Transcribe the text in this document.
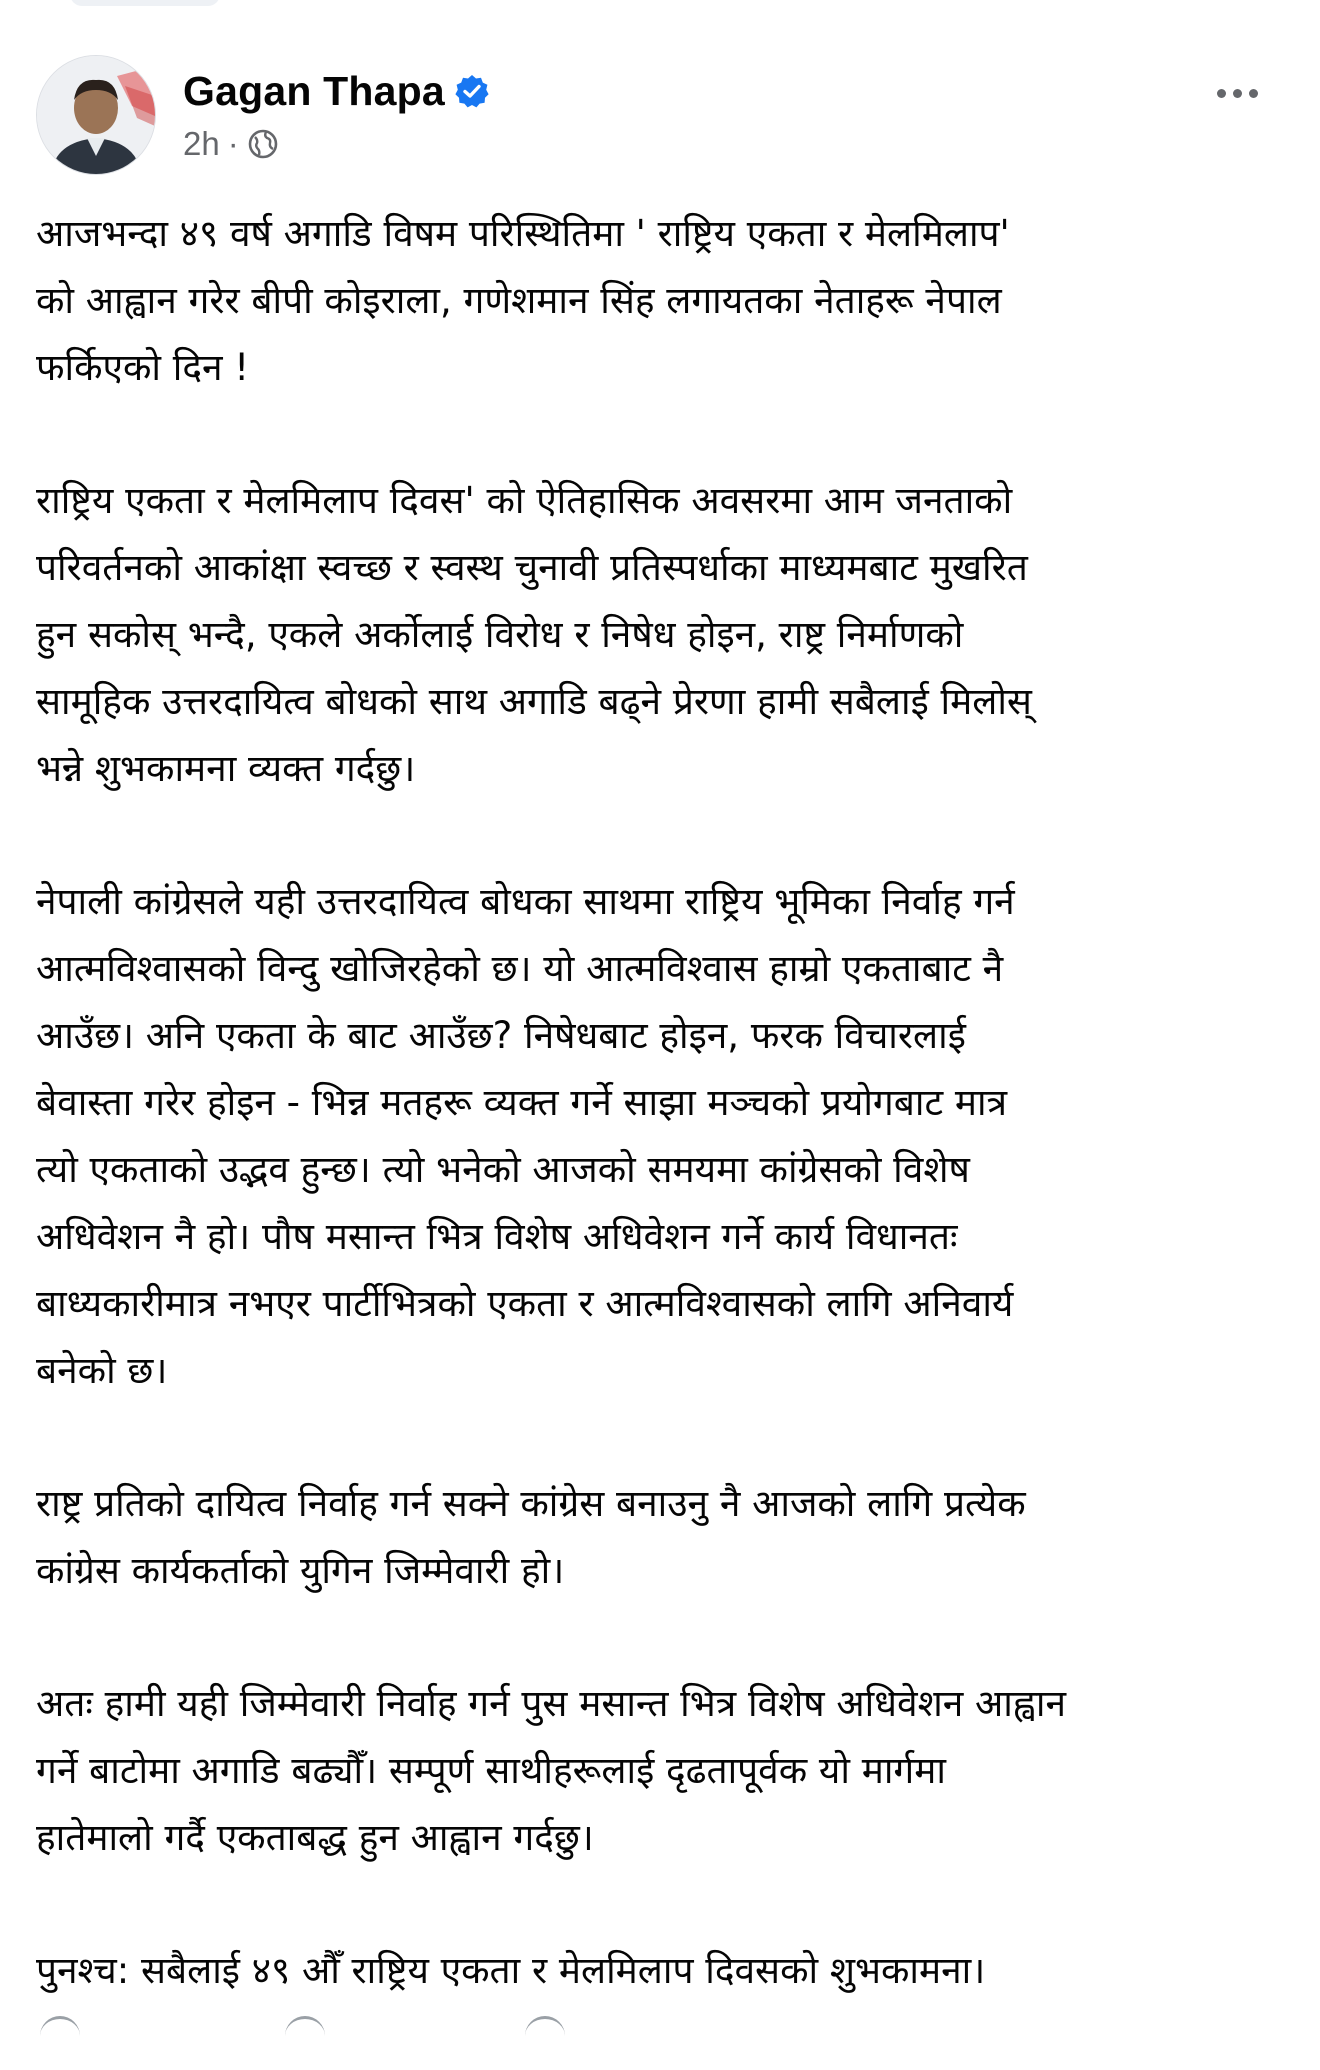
Gagan Thapa
2h ·

आजभन्दा ४९ वर्ष अगाडि विषम परिस्थितिमा ' राष्ट्रिय एकता र मेलमिलाप'
को आह्वान गरेर बीपी कोइराला, गणेशमान सिंह लगायतका नेताहरू नेपाल
फर्किएको दिन !

राष्ट्रिय एकता र मेलमिलाप दिवस' को ऐतिहासिक अवसरमा आम जनताको
परिवर्तनको आकांक्षा स्वच्छ र स्वस्थ चुनावी प्रतिस्पर्धाका माध्यमबाट मुखरित
हुन सकोस् भन्दै, एकले अर्कोलाई विरोध र निषेध होइन, राष्ट्र निर्माणको
सामूहिक उत्तरदायित्व बोधको साथ अगाडि बढ्ने प्रेरणा हामी सबैलाई मिलोस्
भन्ने शुभकामना व्यक्त गर्दछु।

नेपाली कांग्रेसले यही उत्तरदायित्व बोधका साथमा राष्ट्रिय भूमिका निर्वाह गर्न
आत्मविश्वासको विन्दु खोजिरहेको छ। यो आत्मविश्वास हाम्रो एकताबाट नै
आउँछ। अनि एकता के बाट आउँछ? निषेधबाट होइन, फरक विचारलाई
बेवास्ता गरेर होइन - भिन्न मतहरू व्यक्त गर्ने साझा मञ्चको प्रयोगबाट मात्र
त्यो एकताको उद्भव हुन्छ। त्यो भनेको आजको समयमा कांग्रेसको विशेष
अधिवेशन नै हो। पौष मसान्त भित्र विशेष अधिवेशन गर्ने कार्य विधानतः
बाध्यकारीमात्र नभएर पार्टीभित्रको एकता र आत्मविश्वासको लागि अनिवार्य
बनेको छ।

राष्ट्र प्रतिको दायित्व निर्वाह गर्न सक्ने कांग्रेस बनाउनु नै आजको लागि प्रत्येक
कांग्रेस कार्यकर्ताको युगिन जिम्मेवारी हो।

अतः हामी यही जिम्मेवारी निर्वाह गर्न पुस मसान्त भित्र विशेष अधिवेशन आह्वान
गर्ने बाटोमा अगाडि बढ्यौँ। सम्पूर्ण साथीहरूलाई दृढतापूर्वक यो मार्गमा
हातेमालो गर्दै एकताबद्ध हुन आह्वान गर्दछु।

पुनश्च: सबैलाई ४९ औँ राष्ट्रिय एकता र मेलमिलाप दिवसको शुभकामना।
